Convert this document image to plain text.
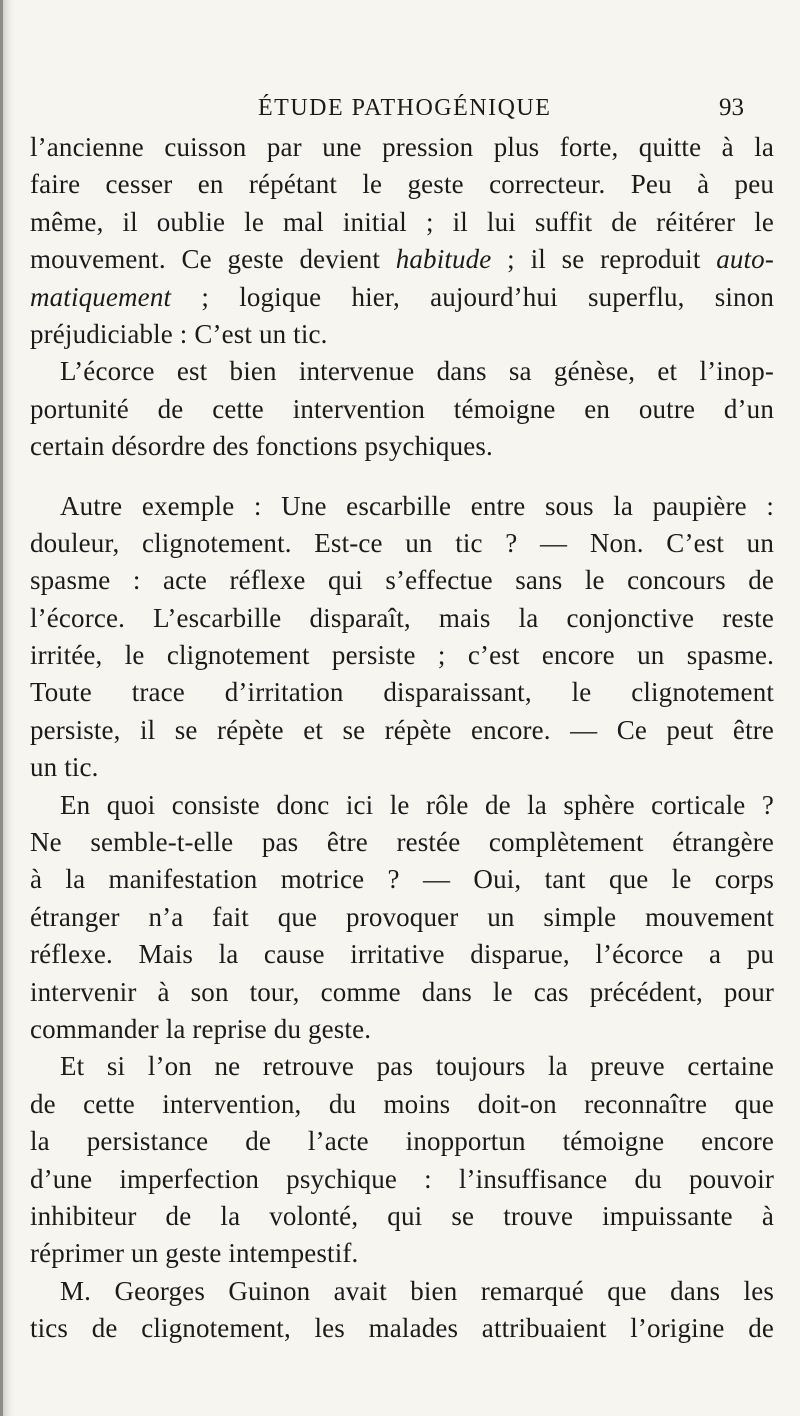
ÉTUDE PATHOGÉNIQUE	93
l’ancienne cuisson par une pression plus forte, quitte à la
faire cesser en répétant le geste correcteur. Peu à peu
même, il oublie le mal initial ; il lui suffit de réitérer le
mouvement. Ce geste devient habitude ; il se reproduit auto-
matiquement ; logique hier, aujourd’hui superflu, sinon
préjudiciable : C’est un tic.
L’écorce est bien intervenue dans sa génèse, et l’inop-
portunité de cette intervention témoigne en outre d’un
certain désordre des fonctions psychiques.
Autre exemple : Une escarbille entre sous la paupière :
douleur, clignotement. Est-ce un tic ? — Non. C’est un
spasme : acte réflexe qui s’effectue sans le concours de
l’écorce. L’escarbille disparaît, mais la conjonctive reste
irritée, le clignotement persiste ; c’est encore un spasme.
Toute trace d’irritation disparaissant, le clignotement
persiste, il se répète et se répète encore. — Ce peut être
un tic.
En quoi consiste donc ici le rôle de la sphère corticale ?
Ne semble-t-elle pas être restée complètement étrangère
à la manifestation motrice ? — Oui, tant que le corps
étranger n’a fait que provoquer un simple mouvement
réflexe. Mais la cause irritative disparue, l’écorce a pu
intervenir à son tour, comme dans le cas précédent, pour
commander la reprise du geste.
Et si l’on ne retrouve pas toujours la preuve certaine
de cette intervention, du moins doit-on reconnaître que
la persistance de l’acte inopportun témoigne encore
d’une imperfection psychique : l’insuffisance du pouvoir
inhibiteur de la volonté, qui se trouve impuissante à
réprimer un geste intempestif.
M. Georges Guinon avait bien remarqué que dans les
tics de clignotement, les malades attribuaient l’origine de
